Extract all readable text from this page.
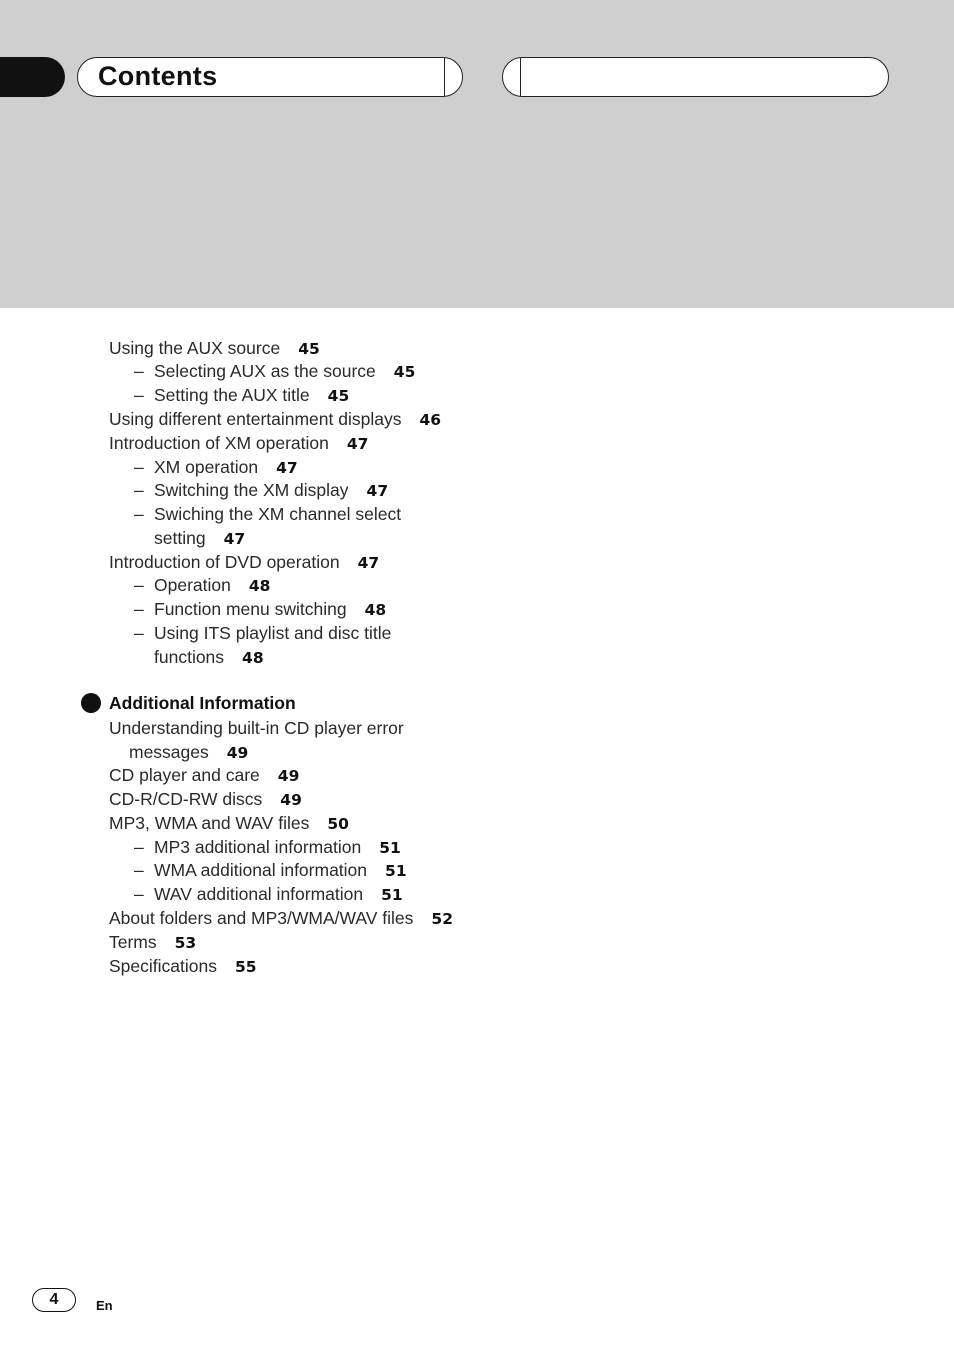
Contents
Using the AUX source 45
– Selecting AUX as the source 45
– Setting the AUX title 45
Using different entertainment displays 46
Introduction of XM operation 47
– XM operation 47
– Switching the XM display 47
– Swiching the XM channel select
setting 47
Introduction of DVD operation 47
– Operation 48
– Function menu switching 48
– Using ITS playlist and disc title
functions 48
Additional Information
Understanding built-in CD player error
messages 49
CD player and care 49
CD-R/CD-RW discs 49
MP3, WMA and WAV files 50
– MP3 additional information 51
– WMA additional information 51
– WAV additional information 51
About folders and MP3/WMA/WAV files 52
Terms 53
Specifications 55
4	En
